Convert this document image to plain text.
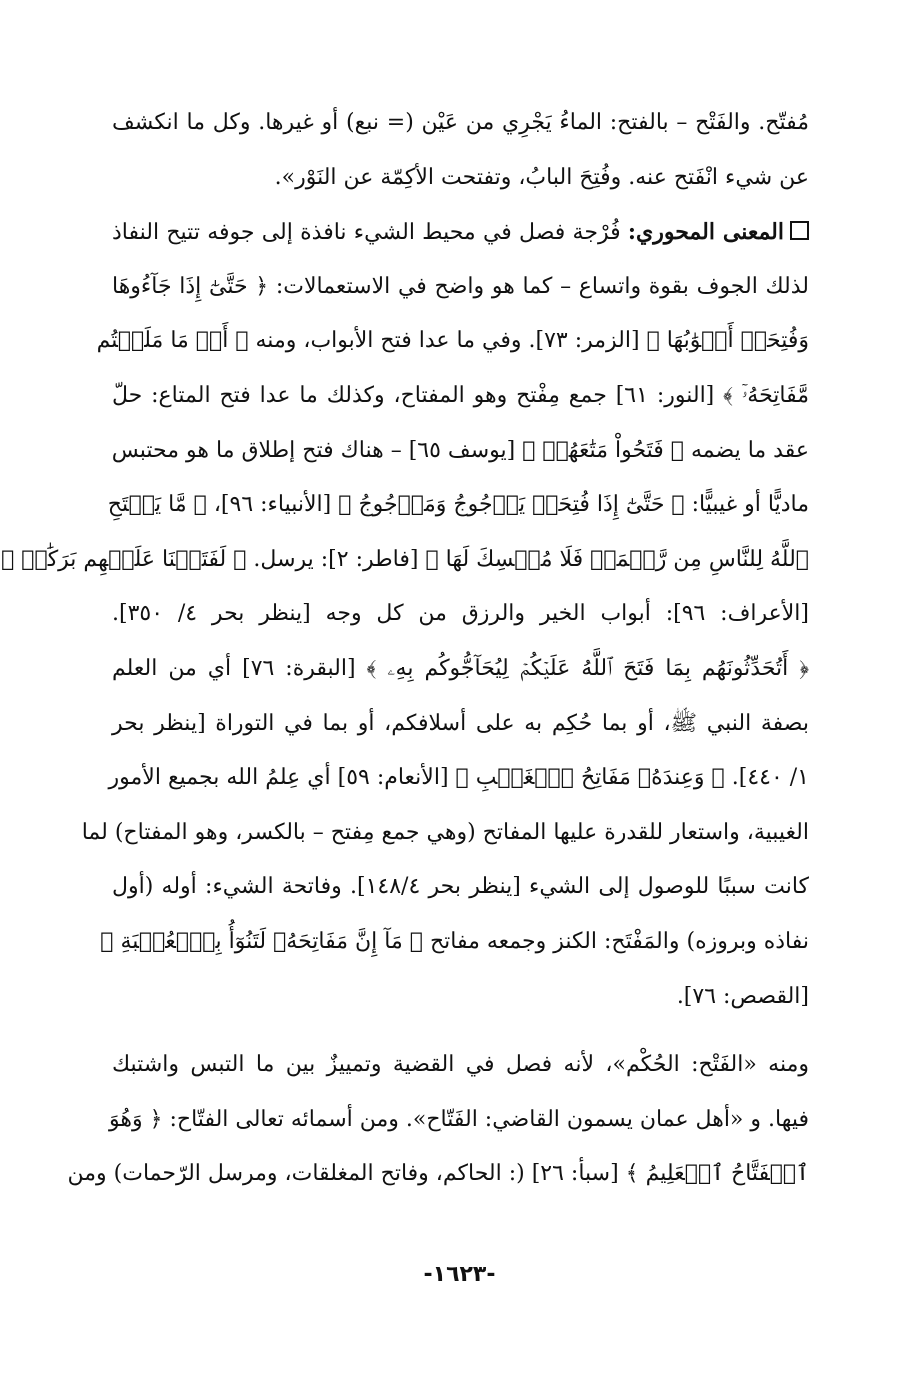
مُفتّح. والفَتْح – بالفتح: الماءُ يَجْرِي من عَيْن (= نبع) أو غيرها. وكل ما انكشف
عن شيء انْفَتح عنه. وفُتِحَ البابُ، وتفتحت الأكِمّة عن النَوْر».
المعنى المحوري: فُرْجة فصل في محيط الشيء نافذة إلى جوفه تتيح النفاذ
لذلك الجوف بقوة واتساع – كما هو واضح في الاستعمالات: ﴿ حَتَّىٰٓ إِذَا جَآءُوهَا
وَفُتِحَتۡ أَبۡوَٰبُهَا ﴾ [الزمر: ٧٣]. وفي ما عدا فتح الأبواب، ومنه ﴿ أَوۡ مَا مَلَكۡتُم
مَّفَاتِحَهُۥٓ ﴾ [النور: ٦١] جمع مِفْتح وهو المفتاح، وكذلك ما عدا فتح المتاع: حلّ
عقد ما يضمه ﴿ فَتَحُواْ مَتَٰعَهُمۡ ﴾ [يوسف ٦٥] – هناك فتح إطلاق ما هو محتبس
ماديًّا أو غيبيًّا: ﴿ حَتَّىٰٓ إِذَا فُتِحَتۡ يَأۡجُوجُ وَمَأۡجُوجُ ﴾ [الأنبياء: ٩٦]، ﴿ مَّا يَفۡتَحِ
ٱللَّهُ لِلنَّاسِ مِن رَّحۡمَةٖ فَلَا مُمۡسِكَ لَهَا ﴾ [فاطر: ٢]: يرسل. ﴿ لَفَتَحۡنَا عَلَيۡهِم بَرَكَٰتٖ ﴾
[الأعراف: ٩٦]: أبواب الخير والرزق من كل وجه [ينظر بحر ٤/ ٣٥٠].
﴿ أَتُحَدِّثُونَهُم بِمَا فَتَحَ ٱللَّهُ عَلَيۡكُمۡ لِيُحَآجُّوكُم بِهِۦ ﴾ [البقرة: ٧٦] أي من العلم
بصفة النبي ﷺ، أو بما حُكِم به على أسلافكم، أو بما في التوراة [ينظر بحر
١/ ٤٤٠]. ﴿ وَعِندَهُۥ مَفَاتِحُ ٱلۡغَيۡبِ ﴾ [الأنعام: ٥٩] أي عِلمُ الله بجميع الأمور
الغيبية، واستعار للقدرة عليها المفاتح (وهي جمع مِفتح – بالكسر، وهو المفتاح) لما
كانت سببًا للوصول إلى الشيء [ينظر بحر ١٤٨/٤]. وفاتحة الشيء: أوله (أول
نفاذه وبروزه) والمَفْتَح: الكنز وجمعه مفاتح ﴿ مَآ إِنَّ مَفَاتِحَهُۥ لَتَنُوٓأُ بِٱلۡعُصۡبَةِ ﴾
[القصص: ٧٦].
ومنه «الفَتْح: الحُكْم»، لأنه فصل في القضية وتمييزٌ بين ما التبس واشتبك
فيها. و «أهل عمان يسمون القاضي: الفَتّاح». ومن أسمائه تعالى الفتّاح: ﴿ وَهُوَ
ٱلۡفَتَّاحُ ٱلۡعَلِيمُ ﴾ [سبأ: ٢٦] (: الحاكم، وفاتح المغلقات، ومرسل الرّحمات) ومن
-١٦٢٣-
